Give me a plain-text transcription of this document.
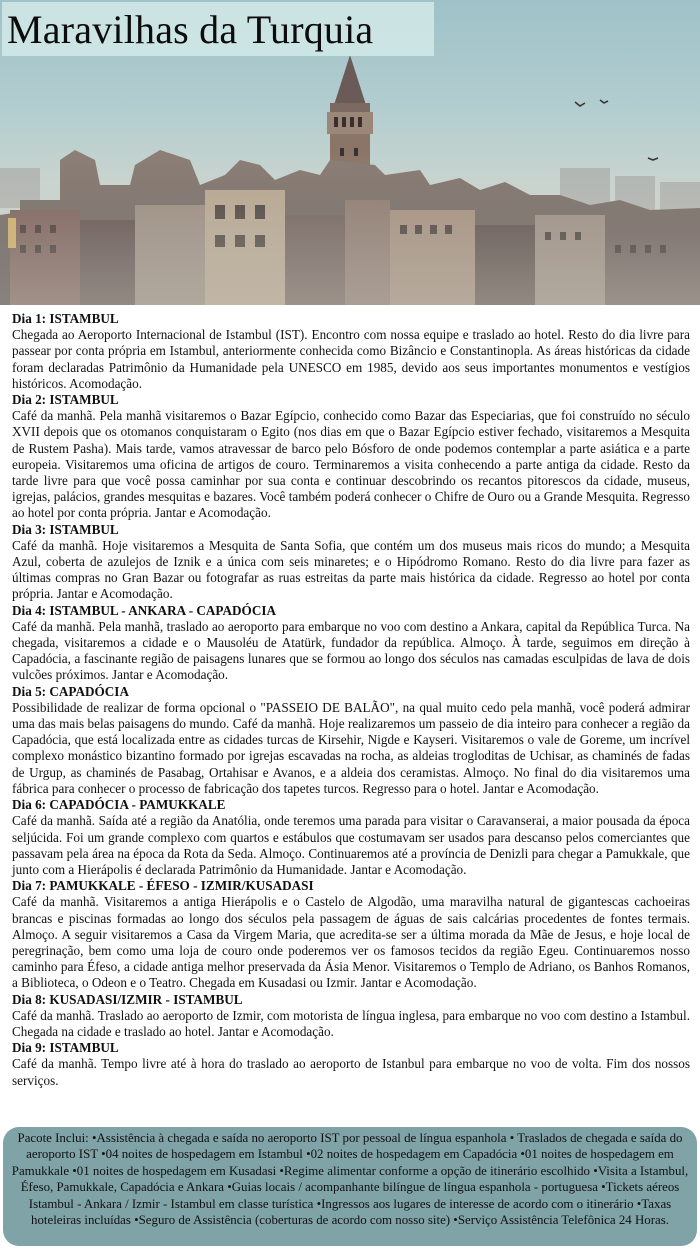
Maravilhas da Turquia
Dia 1: ISTAMBUL
Chegada ao Aeroporto Internacional de Istambul (IST). Encontro com nossa equipe e traslado ao hotel. Resto do dia livre para passear por conta própria em Istambul, anteriormente conhecida como Bizâncio e Constantinopla. As áreas históricas da cidade foram declaradas Patrimônio da Humanidade pela UNESCO em 1985, devido aos seus importantes monumentos e vestígios históricos. Acomodação.
Dia 2: ISTAMBUL
Café da manhã. Pela manhã visitaremos o Bazar Egípcio, conhecido como Bazar das Especiarias, que foi construído no século XVII depois que os otomanos conquistaram o Egito (nos dias em que o Bazar Egípcio estiver fechado, visitaremos a Mesquita de Rustem Pasha). Mais tarde, vamos atravessar de barco pelo Bósforo de onde podemos contemplar a parte asiática e a parte europeia. Visitaremos uma oficina de artigos de couro. Terminaremos a visita conhecendo a parte antiga da cidade. Resto da tarde livre para que você possa caminhar por sua conta e continuar descobrindo os recantos pitorescos da cidade, museus, igrejas, palácios, grandes mesquitas e bazares. Você também poderá conhecer o Chifre de Ouro ou a Grande Mesquita. Regresso ao hotel por conta própria. Jantar e Acomodação.
Dia 3: ISTAMBUL
Café da manhã. Hoje visitaremos a Mesquita de Santa Sofia, que contém um dos museus mais ricos do mundo; a Mesquita Azul, coberta de azulejos de Iznik e a única com seis minaretes; e o Hipódromo Romano. Resto do dia livre para fazer as últimas compras no Gran Bazar ou fotografar as ruas estreitas da parte mais histórica da cidade. Regresso ao hotel por conta própria. Jantar e Acomodação.
Dia 4: ISTAMBUL - ANKARA - CAPADÓCIA
Café da manhã. Pela manhã, traslado ao aeroporto para embarque no voo com destino a Ankara, capital da República Turca. Na chegada, visitaremos a cidade e o Mausoléu de Atatürk, fundador da república. Almoço. À tarde, seguimos em direção à Capadócia, a fascinante região de paisagens lunares que se formou ao longo dos séculos nas camadas esculpidas de lava de dois vulcões próximos. Jantar e Acomodação.
Dia 5: CAPADÓCIA
Possibilidade de realizar de forma opcional o "PASSEIO DE BALÃO", na qual muito cedo pela manhã, você poderá admirar uma das mais belas paisagens do mundo. Café da manhã. Hoje realizaremos um passeio de dia inteiro para conhecer a região da Capadócia, que está localizada entre as cidades turcas de Kirsehir, Nigde e Kayseri. Visitaremos o vale de Goreme, um incrível complexo monástico bizantino formado por igrejas escavadas na rocha, as aldeias trogloditas de Uchisar, as chaminés de fadas de Urgup, as chaminés de Pasabag, Ortahisar e Avanos, e a aldeia dos ceramistas. Almoço. No final do dia visitaremos uma fábrica para conhecer o processo de fabricação dos tapetes turcos. Regresso para o hotel. Jantar e Acomodação.
Dia 6: CAPADÓCIA - PAMUKKALE
Café da manhã. Saída até a região da Anatólia, onde teremos uma parada para visitar o Caravanserai, a maior pousada da época seljúcida. Foi um grande complexo com quartos e estábulos que costumavam ser usados para descanso pelos comerciantes que passavam pela área na época da Rota da Seda. Almoço. Continuaremos até a província de Denizli para chegar a Pamukkale, que junto com a Hierápolis é declarada Patrimônio da Humanidade. Jantar e Acomodação.
Dia 7: PAMUKKALE - ÉFESO - IZMIR/KUSADASI
Café da manhã. Visitaremos a antiga Hierápolis e o Castelo de Algodão, uma maravilha natural de gigantescas cachoeiras brancas e piscinas formadas ao longo dos séculos pela passagem de águas de sais calcárias procedentes de fontes termais. Almoço. A seguir visitaremos a Casa da Virgem Maria, que acredita-se ser a última morada da Mãe de Jesus, e hoje local de peregrinação, bem como uma loja de couro onde poderemos ver os famosos tecidos da região Egeu. Continuaremos nosso caminho para Éfeso, a cidade antiga melhor preservada da Ásia Menor. Visitaremos o Templo de Adriano, os Banhos Romanos, a Biblioteca, o Odeon e o Teatro. Chegada em Kusadasi ou Izmir. Jantar e Acomodação.
Dia 8: KUSADASI/IZMIR - ISTAMBUL
Café da manhã. Traslado ao aeroporto de Izmir, com motorista de língua inglesa, para embarque no voo com destino a Istambul. Chegada na cidade e traslado ao hotel. Jantar e Acomodação.
Dia 9: ISTAMBUL
Café da manhã. Tempo livre até à hora do traslado ao aeroporto de Istanbul para embarque no voo de volta. Fim dos nossos serviços.
Pacote Inclui: •Assistência à chegada e saída no aeroporto IST por pessoal de língua espanhola • Traslados de chegada e saída do aeroporto IST •04 noites de hospedagem em Istambul •02 noites de hospedagem em Capadócia •01 noites de hospedagem em Pamukkale •01 noites de hospedagem em Kusadasi •Regime alimentar conforme a opção de itinerário escolhido •Visita a Istambul, Éfeso, Pamukkale, Capadócia e Ankara •Guias locais / acompanhante bilíngue de língua espanhola - portuguesa •Tickets aéreos Istambul - Ankara / Izmir - Istambul em classe turística •Ingressos aos lugares de interesse de acordo com o itinerário •Taxas hoteleiras incluídas •Seguro de Assistência (coberturas de acordo com nosso site) •Serviço Assistência Telefônica 24 Horas.
